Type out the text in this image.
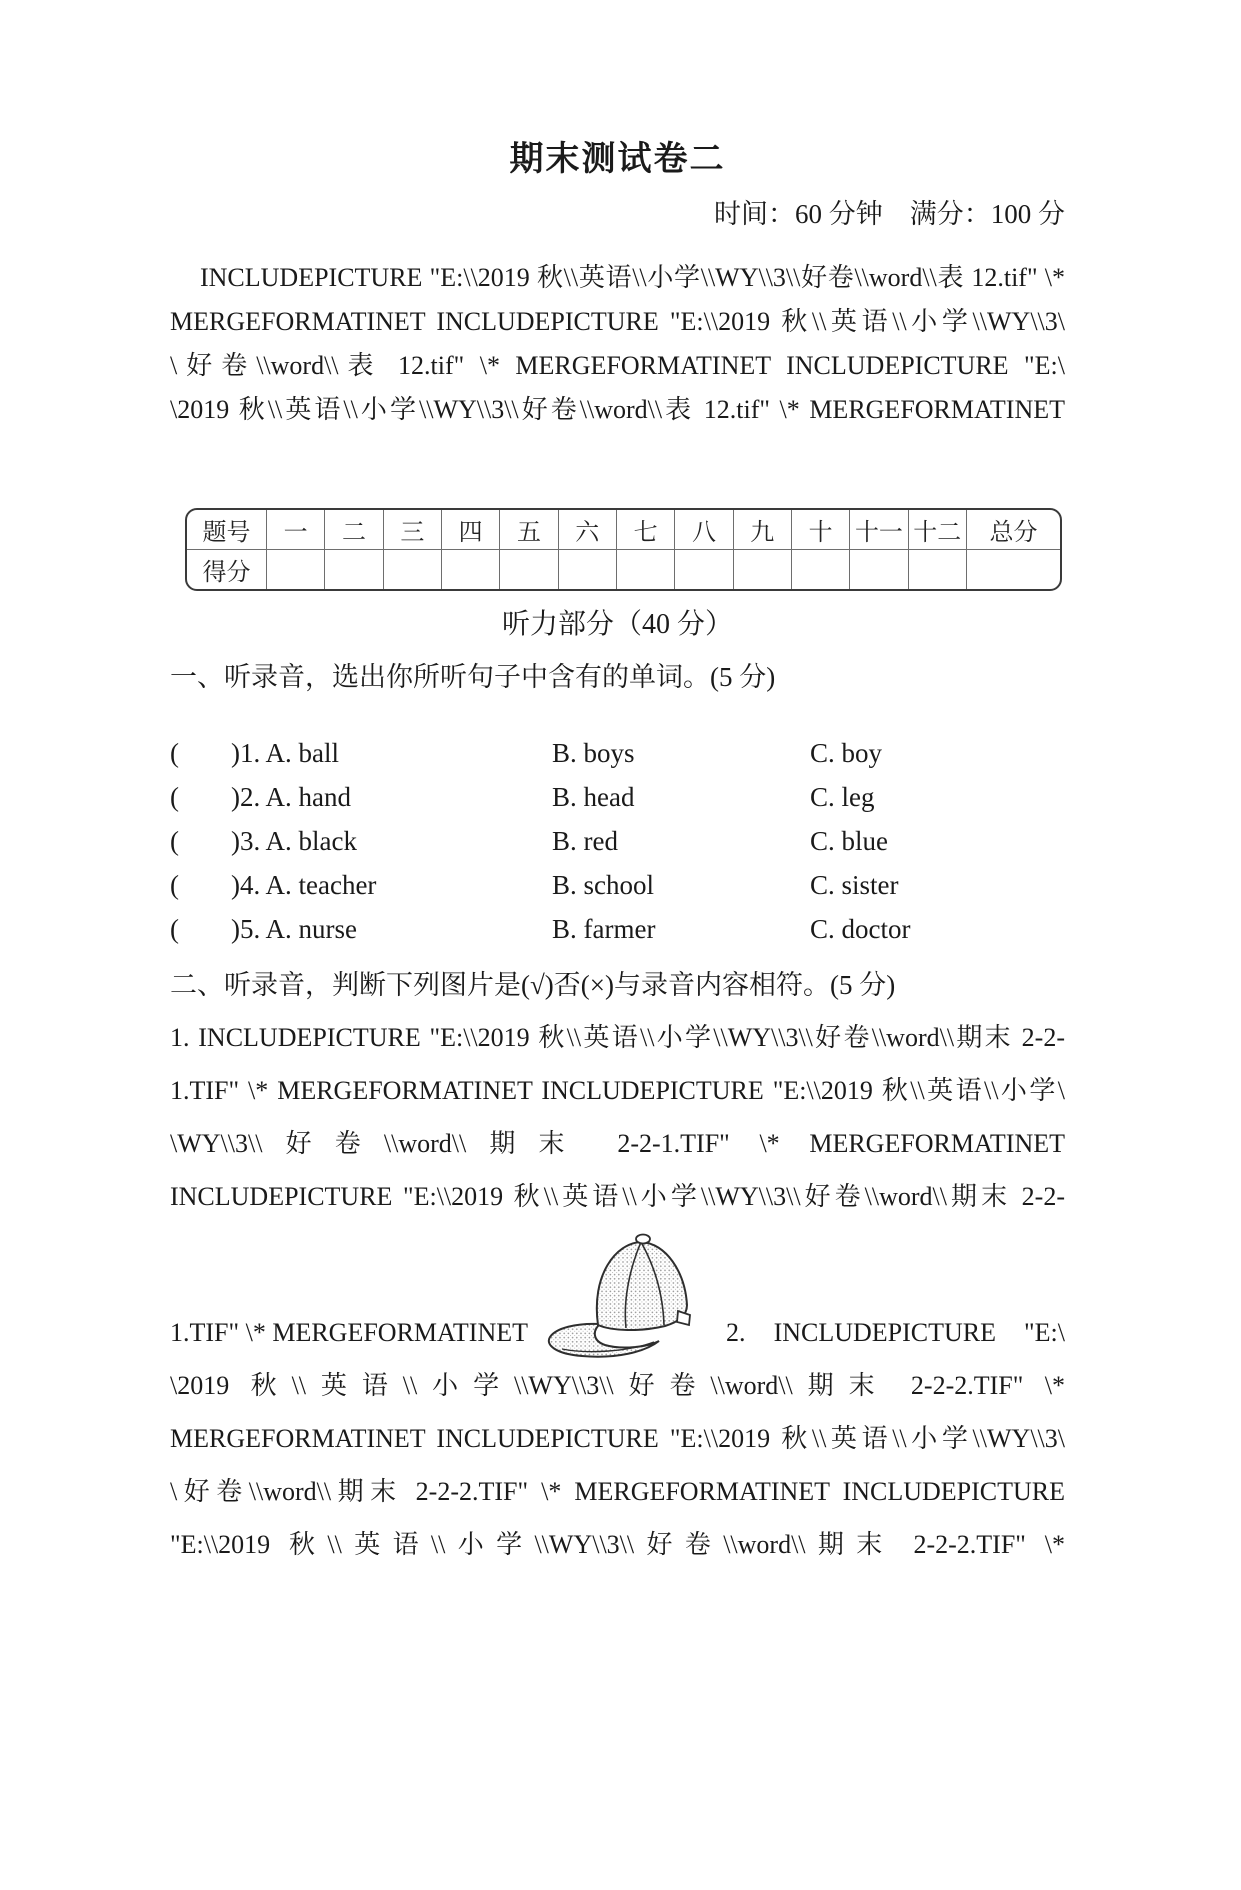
期末测试卷二
时间：60 分钟　满分：100 分
INCLUDEPICTURE "E:\\2019 秋\\英语\\小学\\WY\\3\\好卷\\word\\表 12.tif" \*
MERGEFORMATINET INCLUDEPICTURE "E:\\2019 秋\\英语\\小学\\WY\\3\
\好卷\\word\\表 12.tif" \* MERGEFORMATINET INCLUDEPICTURE "E:\
\2019 秋\\英语\\小学\\WY\\3\\好卷\\word\\表 12.tif" \* MERGEFORMATINET
题号	一	二	三	四	五	六	七	八	九	十	十一	十二	总分
得分													
听力部分（40 分）
一、听录音，选出你所听句子中含有的单词。(5 分)
( )1. A. ball	B. boys	C. boy
( )2. A. hand	B. head	C. leg
( )3. A. black	B. red	C. blue
( )4. A. teacher	B. school	C. sister
( )5. A. nurse	B. farmer	C. doctor
二、听录音，判断下列图片是(√)否(×)与录音内容相符。(5 分)
1. INCLUDEPICTURE "E:\\2019 秋\\英语\\小学\\WY\\3\\好卷\\word\\期末 2-2-
1.TIF" \* MERGEFORMATINET INCLUDEPICTURE "E:\\2019 秋\\英语\\小学\
\WY\\3\\好卷\\word\\期末 2-2-1.TIF" \* MERGEFORMATINET
INCLUDEPICTURE "E:\\2019 秋\\英语\\小学\\WY\\3\\好卷\\word\\期末 2-2-
1.TIF" \* MERGEFORMATINET	2. INCLUDEPICTURE "E:\
\2019 秋\\英语\\小学\\WY\\3\\好卷\\word\\期末 2-2-2.TIF" \*
MERGEFORMATINET INCLUDEPICTURE "E:\\2019 秋\\英语\\小学\\WY\\3\
\好卷\\word\\期末 2-2-2.TIF" \* MERGEFORMATINET INCLUDEPICTURE
"E:\\2019 秋\\英语\\小学\\WY\\3\\好卷\\word\\期末 2-2-2.TIF" \*
